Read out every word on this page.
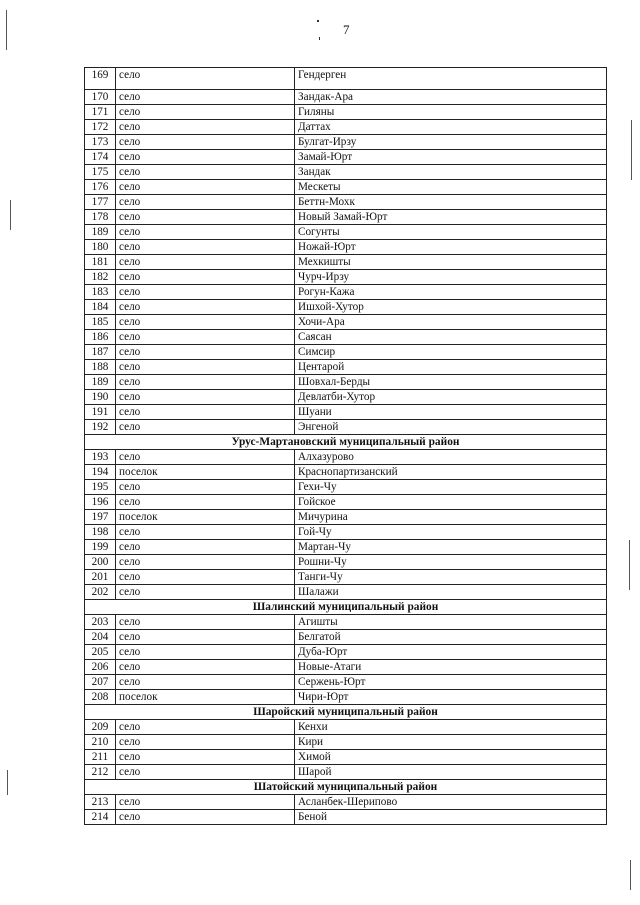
7
169	село	Гендерген
170	село	Зандак-Ара
171	село	Гиляны
172	село	Даттах
173	село	Булгат-Ирзу
174	село	Замай-Юрт
175	село	Зандак
176	село	Мескеты
177	село	Беттн-Мохк
178	село	Новый Замай-Юрт
189	село	Согунты
180	село	Ножай-Юрт
181	село	Мехкишты
182	село	Чурч-Ирзу
183	село	Рогун-Кажа
184	село	Ишхой-Хутор
185	село	Хочи-Ара
186	село	Саясан
187	село	Симсир
188	село	Центарой
189	село	Шовхал-Берды
190	село	Девлатби-Хутор
191	село	Шуани
192	село	Энгеной
Урус-Мартановский муниципальный район		
193	село	Алхазурово
194	поселок	Краснопартизанский
195	село	Гехи-Чу
196	село	Гойское
197	поселок	Мичурина
198	село	Гой-Чу
199	село	Мартан-Чу
200	село	Рошни-Чу
201	село	Танги-Чу
202	село	Шалажи
Шалинский муниципальный район		
203	село	Агишты
204	село	Белгатой
205	село	Дуба-Юрт
206	село	Новые-Атаги
207	село	Сержень-Юрт
208	поселок	Чири-Юрт
Шаройский муниципальный район		
209	село	Кенхи
210	село	Кири
211	село	Химой
212	село	Шарой
Шатойский муниципальный район		
213	село	Асланбек-Шерипово
214	село	Беной
